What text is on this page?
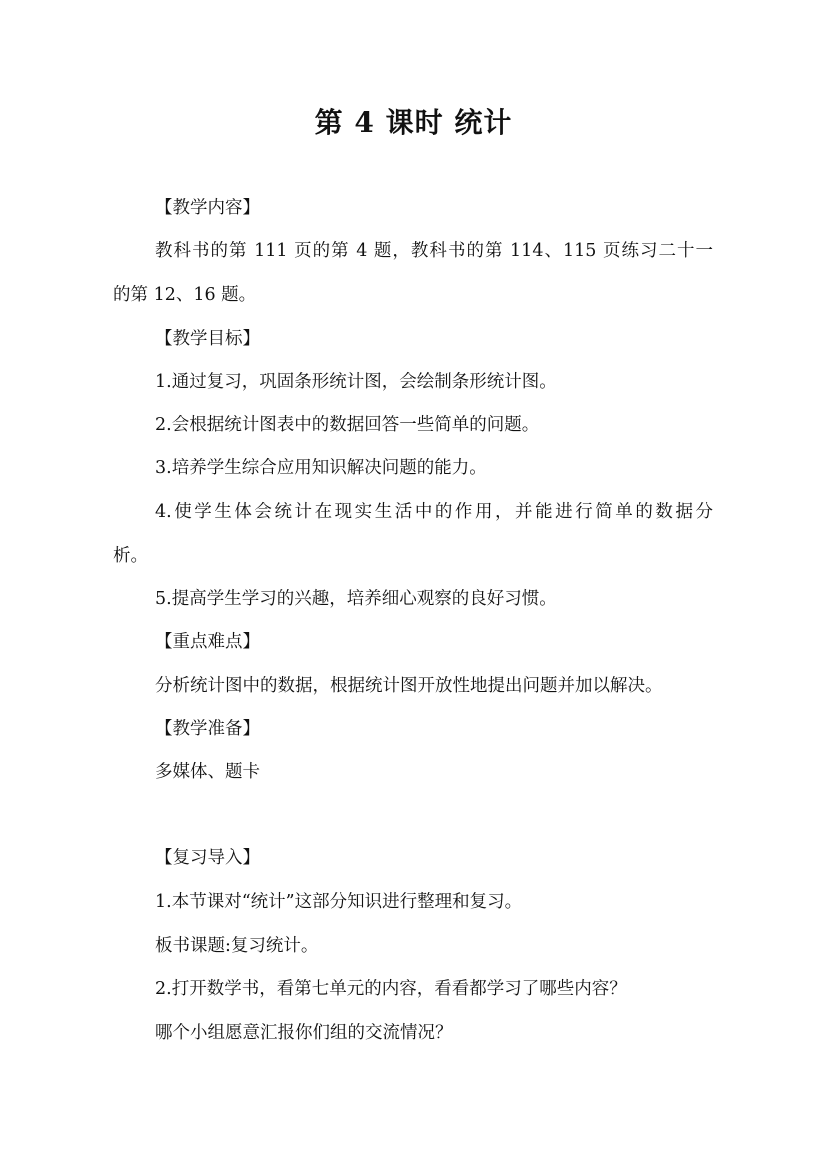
第 4 课时 统计
【教学内容】
教科书的第 111 页的第 4 题，教科书的第 114、115 页练习二十一
的第 12、16 题。
【教学目标】
1.通过复习，巩固条形统计图，会绘制条形统计图。
2.会根据统计图表中的数据回答一些简单的问题。
3.培养学生综合应用知识解决问题的能力。
4.使学生体会统计在现实生活中的作用，并能进行简单的数据分
析。
5.提高学生学习的兴趣，培养细心观察的良好习惯。
【重点难点】
分析统计图中的数据，根据统计图开放性地提出问题并加以解决。
【教学准备】
多媒体、题卡
【复习导入】
1.本节课对“统计”这部分知识进行整理和复习。
板书课题:复习统计。
2.打开数学书，看第七单元的内容，看看都学习了哪些内容？
哪个小组愿意汇报你们组的交流情况？
